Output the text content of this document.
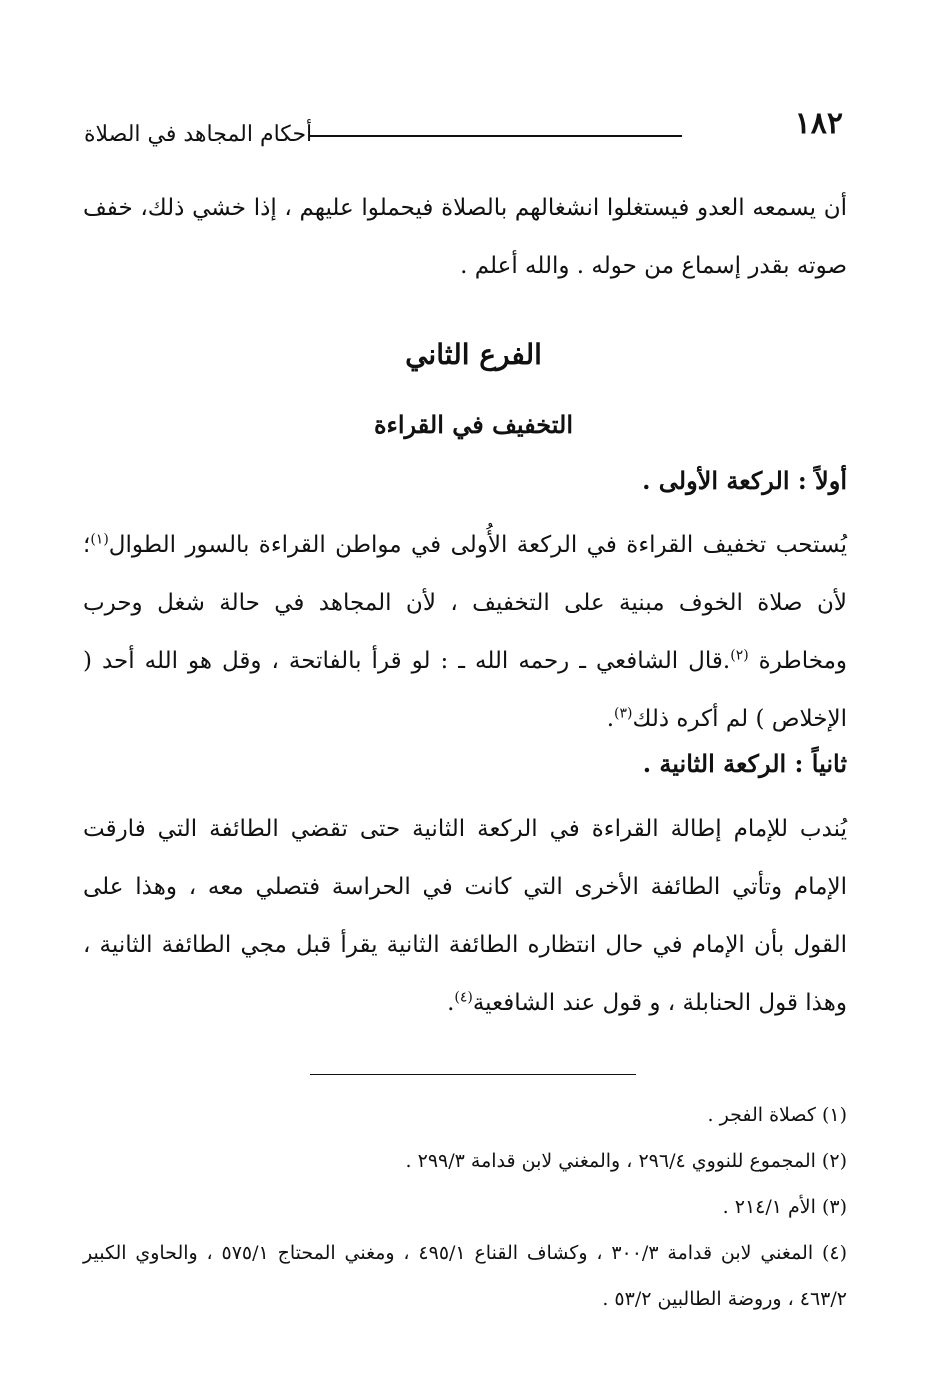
١٨٢
أحكام المجاهد في الصلاة

أن يسمعه العدو فيستغلوا انشغالهم بالصلاة فيحملوا عليهم ، إذا خشي ذلك، خفف صوته بقدر إسماع من حوله . والله أعلم .

الفرع الثاني
التخفيف في القراءة
أولاً : الركعة الأولى .

يُستحب تخفيف القراءة في الركعة الأُولى في مواطن القراءة بالسور الطوال$^{(١)}$؛ لأن صلاة الخوف مبنية على التخفيف ، لأن المجاهد في حالة شغل وحرب ومخاطرة $^{(٢)}$.قال الشافعي ـ رحمه الله ـ : لو قرأ بالفاتحة ، وقل هو الله أحد ( الإخلاص ) لم أكره ذلك$^{(٣)}$.

ثانياً : الركعة الثانية .

يُندب للإمام إطالة القراءة في الركعة الثانية حتى تقضي الطائفة التي فارقت الإمام وتأتي الطائفة الأخرى التي كانت في الحراسة فتصلي معه ، وهذا على القول بأن الإمام في حال انتظاره الطائفة الثانية يقرأ قبل مجي الطائفة الثانية ، وهذا قول الحنابلة ، و قول عند الشافعية$^{(٤)}$.

(١) كصلاة الفجر .
(٢) المجموع للنووي ٢٩٦/٤ ، والمغني لابن قدامة ٢٩٩/٣ .
(٣) الأم ٢١٤/١ .
(٤) المغني لابن قدامة ٣٠٠/٣ ، وكشاف القناع ٤٩٥/١ ، ومغني المحتاج ٥٧٥/١ ، والحاوي الكبير ٤٦٣/٢ ، وروضة الطالبين ٥٣/٢ .
